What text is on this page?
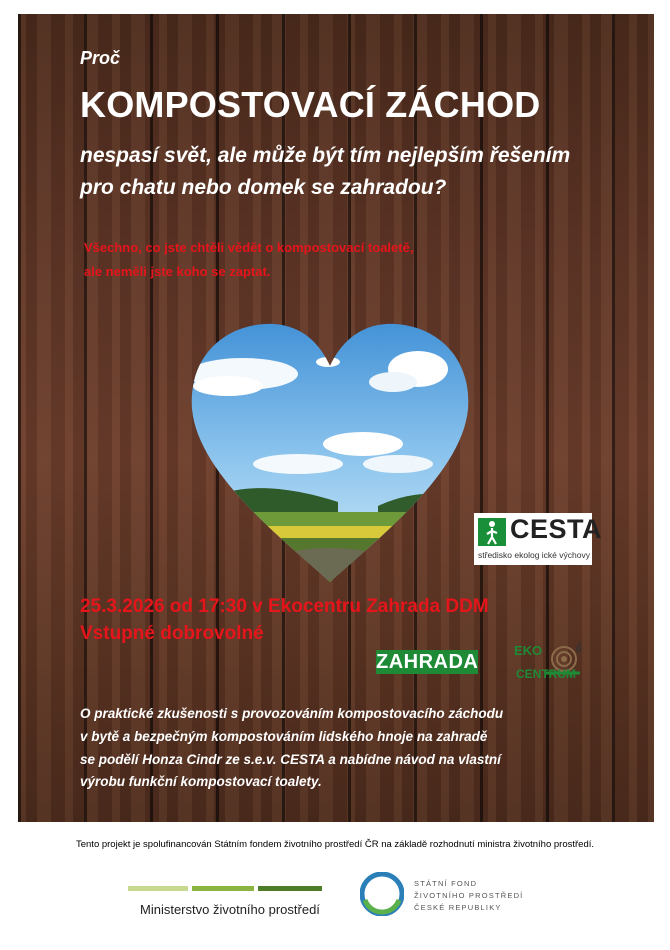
Proč

KOMPOSTOVACÍ ZÁCHOD

nespasí svět, ale může být tím nejlepším řešením

pro chatu nebo domek se zahradou?

Všechno, co jste chtěli vědět o kompostovací toaletě,

ale neměli jste koho se zaptat.

CESTA
středisko ekolog ické výchovy

25.3.2026 od 17:30 v Ekocentru Zahrada DDM

Vstupné dobrovolné

ZAHRADA
EKO
CENTRUM

O praktické zkušenosti s provozováním kompostovacího záchodu

v bytě a bezpečným kompostováním lidského hnoje na zahradě

se podělí Honza Cindr ze s.e.v. CESTA a nabídne návod na vlastní

výrobu funkční kompostovací toalety.

Tento projekt je spolufinancován Státním fondem životního prostředí ČR na základě rozhodnutí ministra životního prostředí.
Ministerstvo životního prostředí
STÁTNÍ FOND
ŽIVOTNÍHO PROSTŘEDÍ
ČESKÉ REPUBLIKY
